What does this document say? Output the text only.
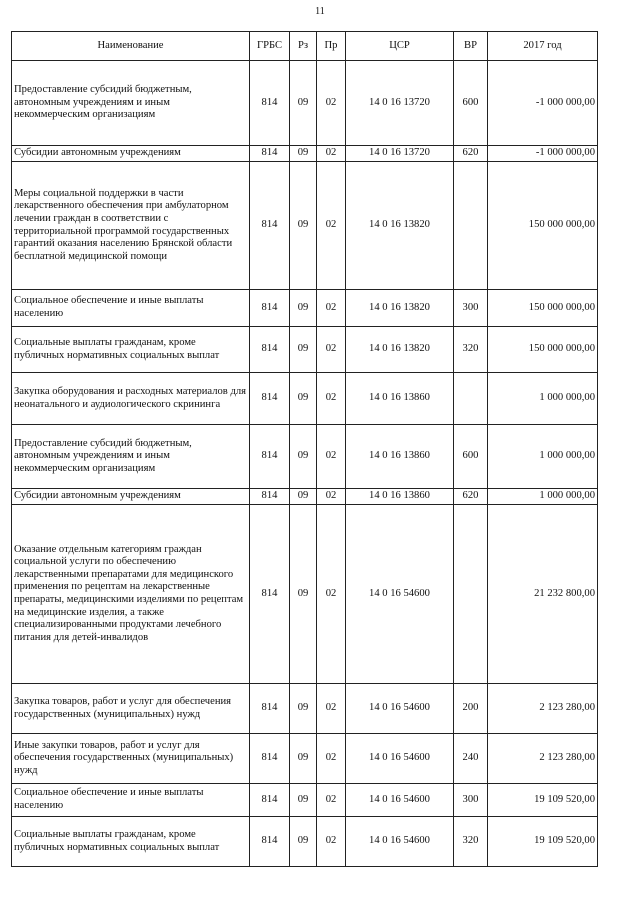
11
Наименование	ГРБС	Рз	Пр	ЦСР	ВР	2017 год
Предоставление субсидий бюджетным, автономным учреждениям и иным некоммерческим организациям	814	09	02	14 0 16 13720	600	-1 000 000,00
Субсидии автономным учреждениям	814	09	02	14 0 16 13720	620	-1 000 000,00
Меры социальной поддержки в части лекарственного обеспечения при амбулаторном лечении граждан в соответствии с территориальной программой государственных гарантий оказания населению Брянской области бесплатной медицинской помощи	814	09	02	14 0 16 13820		150 000 000,00
Социальное обеспечение и иные выплаты населению	814	09	02	14 0 16 13820	300	150 000 000,00
Социальные выплаты гражданам, кроме публичных нормативных социальных выплат	814	09	02	14 0 16 13820	320	150 000 000,00
Закупка оборудования и расходных материалов для неонатального и аудиологического скрининга	814	09	02	14 0 16 13860		1 000 000,00
Предоставление субсидий бюджетным, автономным учреждениям и иным некоммерческим организациям	814	09	02	14 0 16 13860	600	1 000 000,00
Субсидии автономным учреждениям	814	09	02	14 0 16 13860	620	1 000 000,00
Оказание отдельным категориям граждан социальной услуги по обеспечению лекарственными препаратами для медицинского применения по рецептам на лекарственные препараты, медицинскими изделиями по рецептам на медицинские изделия, а также специализированными продуктами лечебного питания для детей-инвалидов	814	09	02	14 0 16 54600		21 232 800,00
Закупка товаров, работ и услуг для обеспечения государственных (муниципальных) нужд	814	09	02	14 0 16 54600	200	2 123 280,00
Иные закупки товаров, работ и услуг для обеспечения государственных (муниципальных) нужд	814	09	02	14 0 16 54600	240	2 123 280,00
Социальное обеспечение и иные выплаты населению	814	09	02	14 0 16 54600	300	19 109 520,00
Социальные выплаты гражданам, кроме публичных нормативных социальных выплат	814	09	02	14 0 16 54600	320	19 109 520,00
